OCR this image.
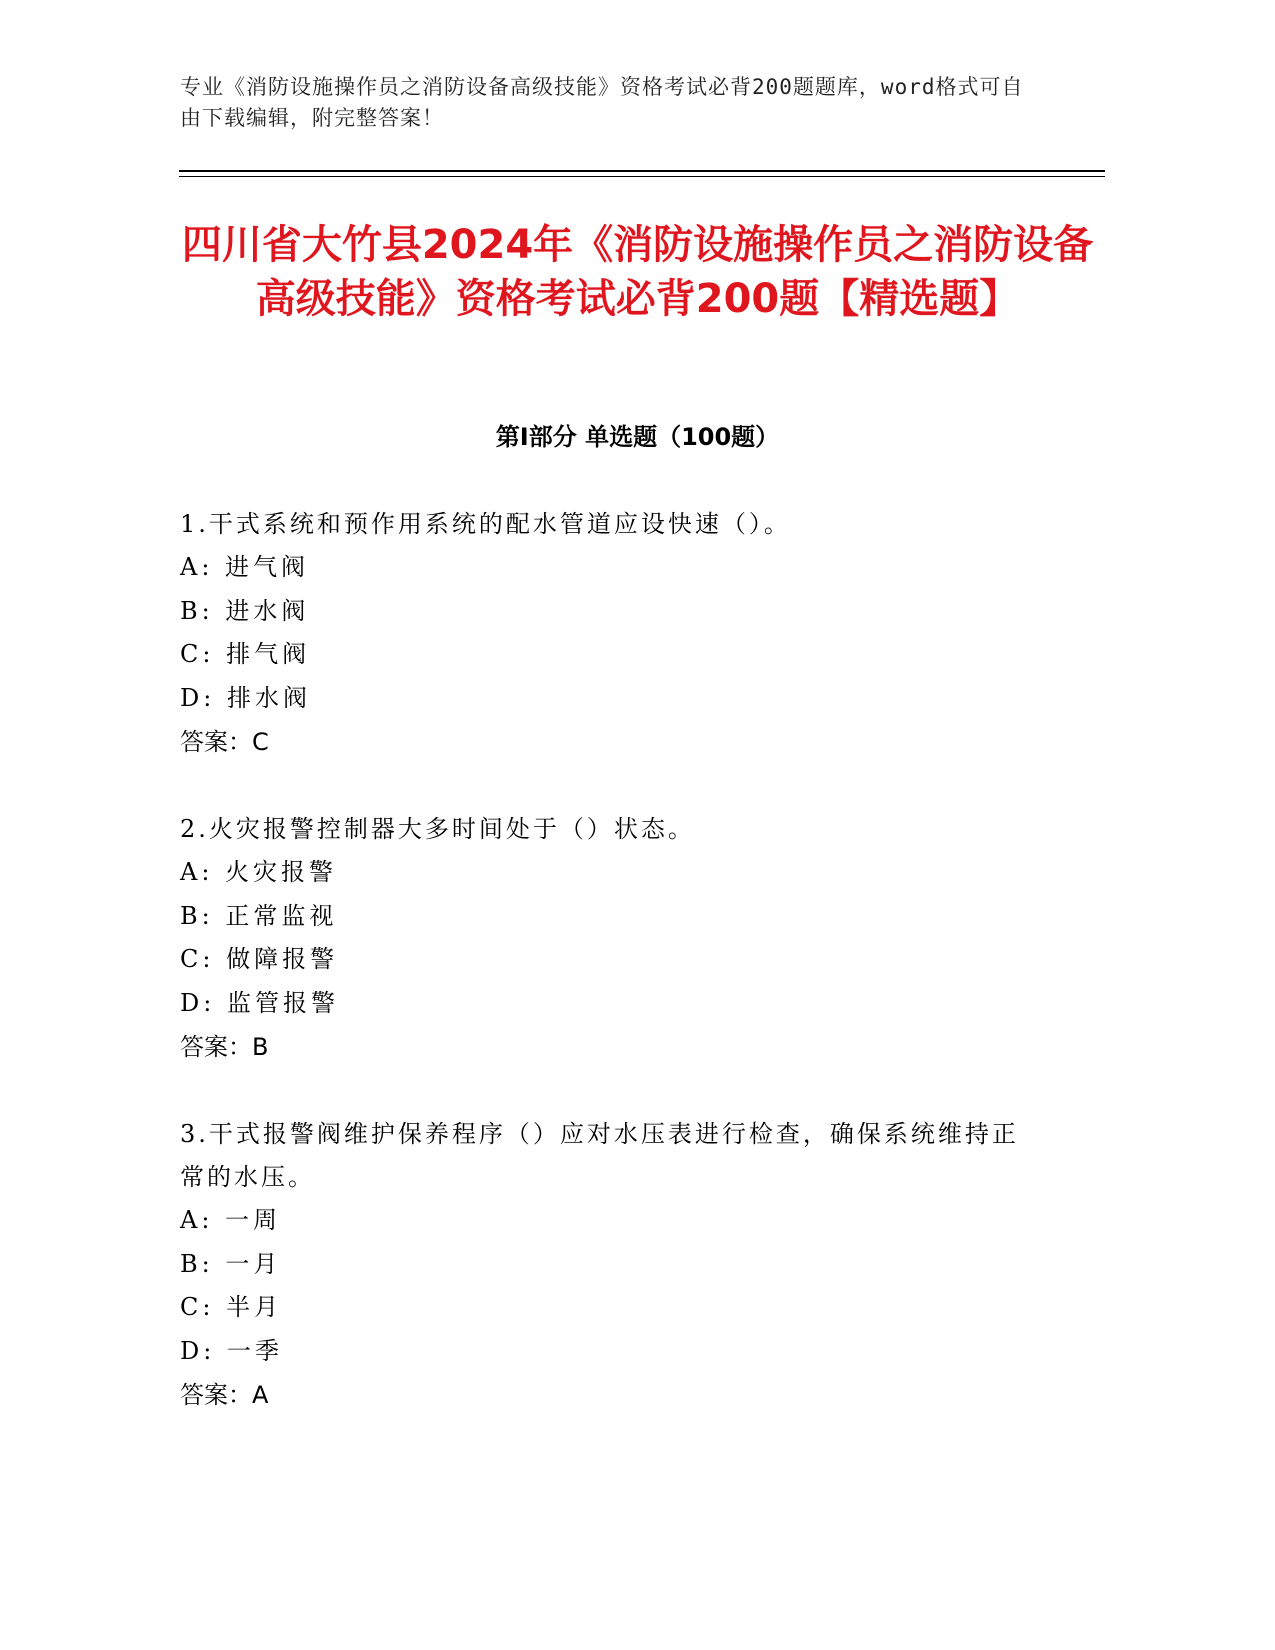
专业《消防设施操作员之消防设备高级技能》资格考试必背200题题库，word格式可自由下载编辑，附完整答案！
四川省大竹县2024年《消防设施操作员之消防设备高级技能》资格考试必背200题【精选题】
第Ⅰ部分 单选题（100题）

1.干式系统和预作用系统的配水管道应设快速（）。

A: 进气阀

B: 进水阀

C: 排气阀

D: 排水阀

答案：C

2.火灾报警控制器大多时间处于（）状态。

A: 火灾报警

B: 正常监视

C: 做障报警

D: 监管报警

答案：B

3.干式报警阀维护保养程序（）应对水压表进行检查，确保系统维持正常的水压。

A: 一周

B: 一月

C: 半月

D: 一季

答案：A
